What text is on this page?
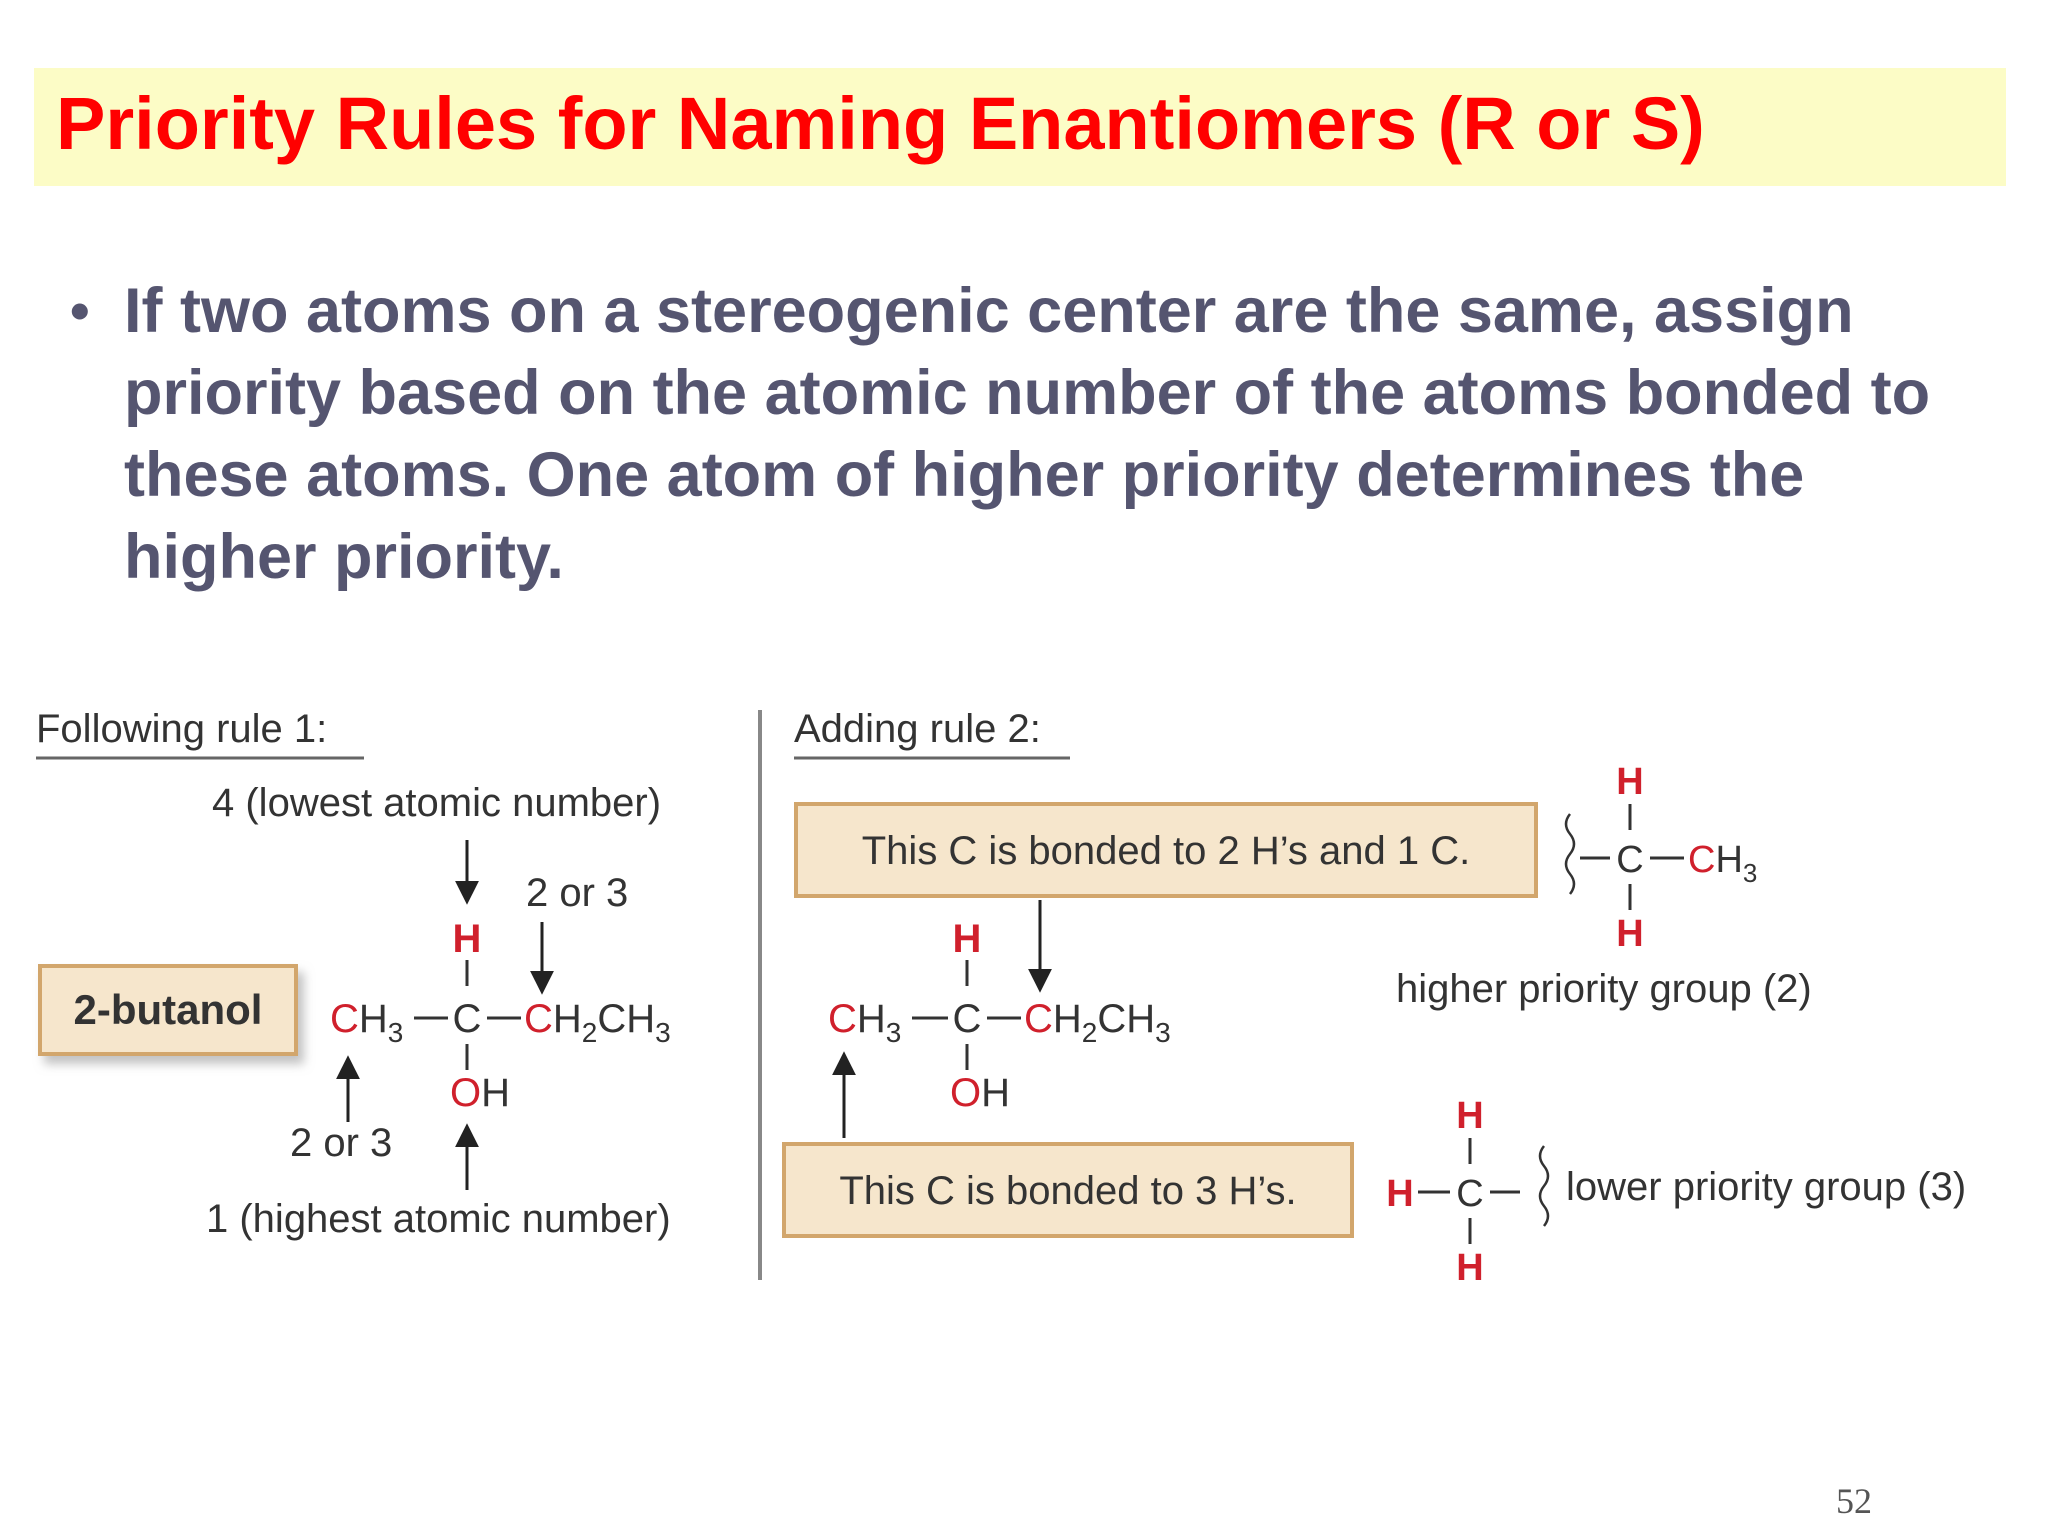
Priority Rules for Naming Enantiomers (R or S)
• If two atoms on a stereogenic center are the same, assign priority based on the atomic number of the atoms bonded to these atoms. One atom of higher priority determines the higher priority.
Following rule 1:
4 (lowest atomic number)
2 or 3
2-butanol
H
$CH_3$ C $CH_2CH_3$
OH
2 or 3
1 (highest atomic number)
Adding rule 2:
This C is bonded to 2 H’s and 1 C.
H
$CH_3$ C $CH_2CH_3$
OH
This C is bonded to 3 H’s.
H
C $CH_3$
H
higher priority group (2)
H
H C
H
lower priority group (3)
52
